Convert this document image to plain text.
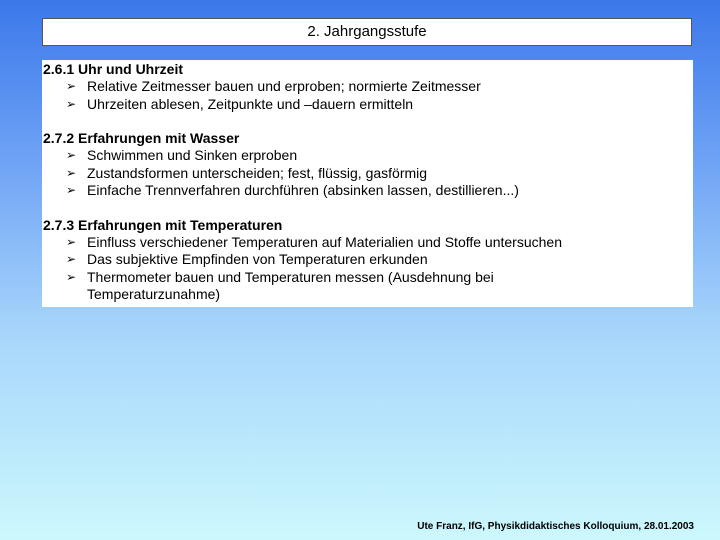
2. Jahrgangsstufe
2.6.1 Uhr und Uhrzeit
➢ Relative Zeitmesser bauen und erproben; normierte Zeitmesser
➢ Uhrzeiten ablesen, Zeitpunkte und –dauern ermitteln
2.7.2 Erfahrungen mit Wasser
➢ Schwimmen und Sinken erproben
➢ Zustandsformen unterscheiden; fest, flüssig, gasförmig
➢ Einfache Trennverfahren durchführen (absinken lassen, destillieren...)
2.7.3 Erfahrungen mit Temperaturen
➢ Einfluss verschiedener Temperaturen auf Materialien und Stoffe untersuchen
➢ Das subjektive Empfinden von Temperaturen erkunden
➢ Thermometer bauen und Temperaturen messen (Ausdehnung bei Temperaturzunahme)
Ute Franz, IfG, Physikdidaktisches Kolloquium, 28.01.2003
